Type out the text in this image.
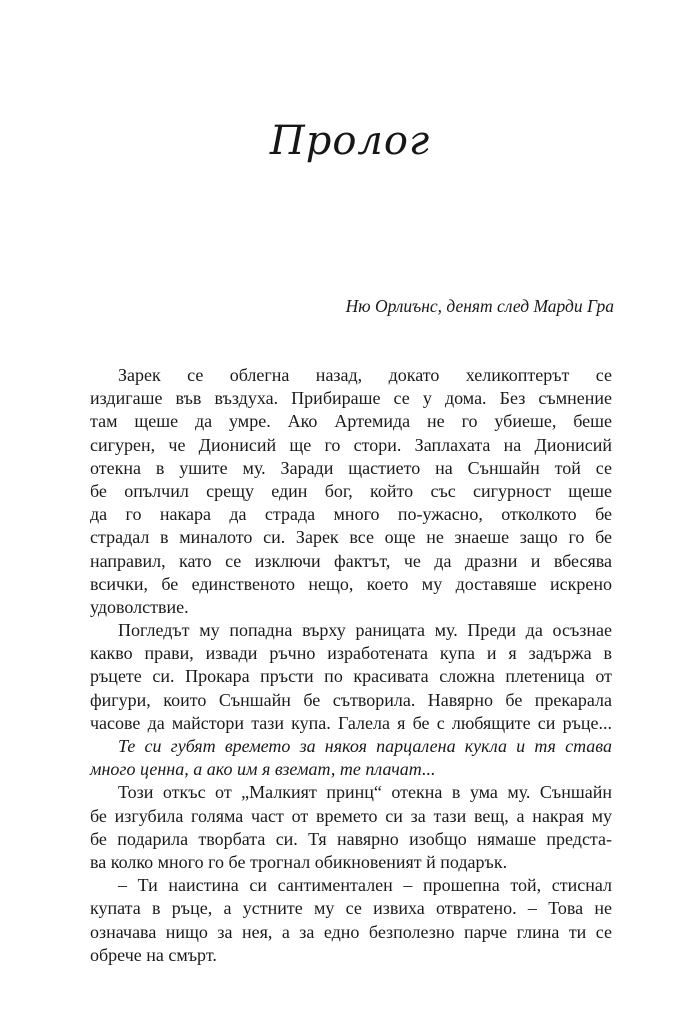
Пролог

Ню Орлиънс, денят след Марди Гра

Зарек се облегна назад, докато хеликоптерът се
издигаше във въздуха. Прибираше се у дома. Без съмнение
там щеше да умре. Ако Артемида не го убиеше, беше
сигурен, че Дионисий ще го стори. Заплахата на Дионисий
отекна в ушите му. Заради щастието на Съншайн той се
бе опълчил срещу един бог, който със сигурност щеше
да го накара да страда много по-ужасно, отколкото бе
страдал в миналото си. Зарек все още не знаеше защо го бе
направил, като се изключи фактът, че да дразни и вбесява
всички, бе единственото нещо, което му доставяше искрено
удоволствие.
Погледът му попадна върху раницата му. Преди да осъзнае
какво прави, извади ръчно изработената купа и я задържа в
ръцете си. Прокара пръсти по красивата сложна плетеница от
фигури, които Съншайн бе сътворила. Навярно бе прекарала
часове да майстори тази купа. Галела я бе с любящите си ръце...
Те си губят времето за някоя парцалена кукла и тя става
много ценна, а ако им я вземат, те плачат...
Този откъс от „Малкият принц“ отекна в ума му. Съншайн
бе изгубила голяма част от времето си за тази вещ, а накрая му
бе подарила творбата си. Тя навярно изобщо нямаше предста-
ва колко много го бе трогнал обикновеният й подарък.
– Ти наистина си сантиментален – прошепна той, стиснал
купата в ръце, а устните му се извиха отвратено. – Това не
означава нищо за нея, а за едно безполезно парче глина ти се
обрече на смърт.
